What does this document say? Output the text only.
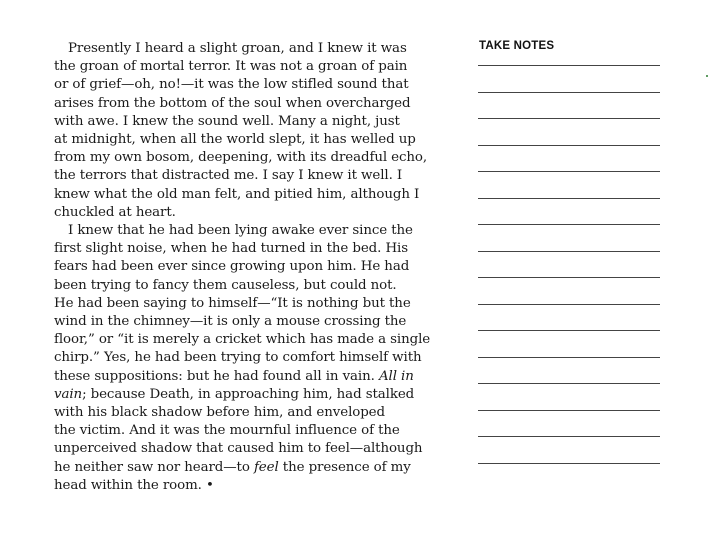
Presently I heard a slight groan, and I knew it was
the groan of mortal terror. It was not a groan of pain
or of grief—oh, no!—it was the low stifled sound that
arises from the bottom of the soul when overcharged
with awe. I knew the sound well. Many a night, just
at midnight, when all the world slept, it has welled up
from my own bosom, deepening, with its dreadful echo,
the terrors that distracted me. I say I knew it well. I
knew what the old man felt, and pitied him, although I
chuckled at heart.
I knew that he had been lying awake ever since the
first slight noise, when he had turned in the bed. His
fears had been ever since growing upon him. He had
been trying to fancy them causeless, but could not.
He had been saying to himself—“It is nothing but the
wind in the chimney—it is only a mouse crossing the
floor,” or “it is merely a cricket which has made a single
chirp.” Yes, he had been trying to comfort himself with
these suppositions: but he had found all in vain. All in
vain; because Death, in approaching him, had stalked
with his black shadow before him, and enveloped
the victim. And it was the mournful influence of the
unperceived shadow that caused him to feel—although
he neither saw nor heard—to feel the presence of my
head within the room. •
TAKE NOTES
